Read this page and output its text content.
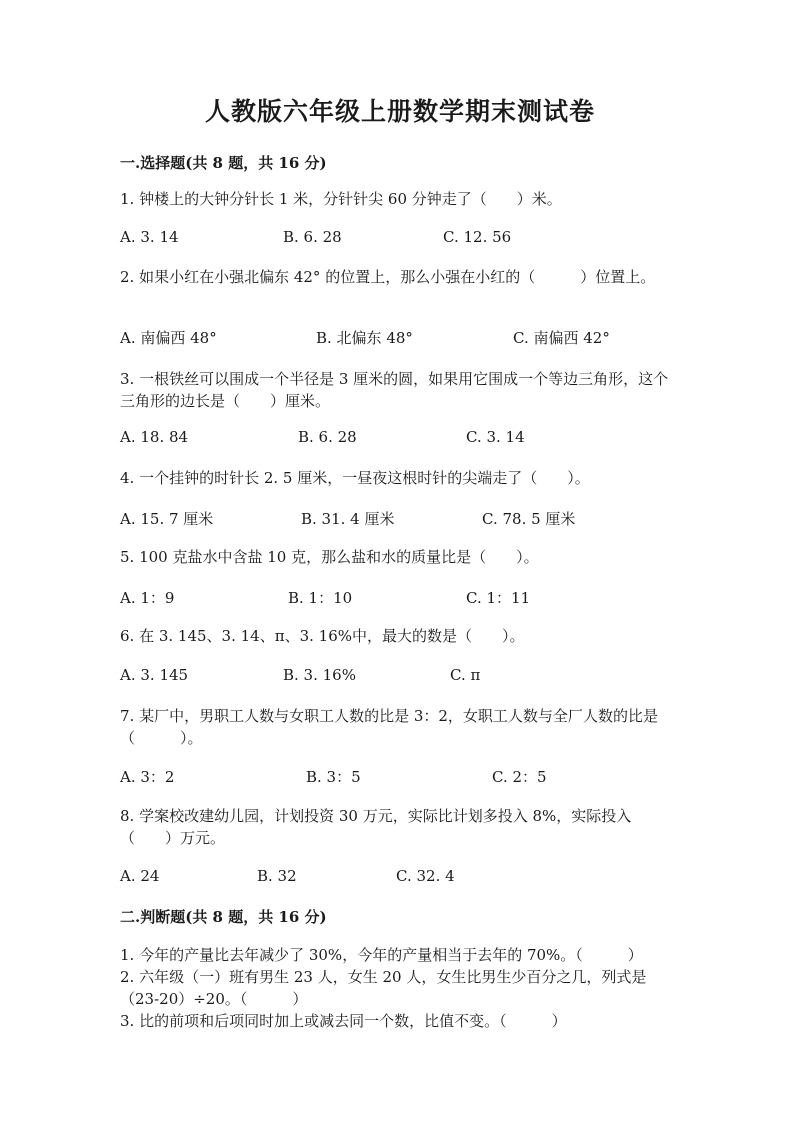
人教版六年级上册数学期末测试卷
一.选择题(共 8 题，共 16 分)
1. 钟楼上的大钟分针长 1 米，分针针尖 60 分钟走了（　　）米。
A. 3. 14	B. 6. 28	C. 12. 56
2. 如果小红在小强北偏东 42° 的位置上，那么小强在小红的（　　　）位置上。
A. 南偏西 48°	B. 北偏东 48°	C. 南偏西 42°
3. 一根铁丝可以围成一个半径是 3 厘米的圆，如果用它围成一个等边三角形，这个三角形的边长是（　　）厘米。
A. 18. 84	B. 6. 28	C. 3. 14
4. 一个挂钟的时针长 2. 5 厘米，一昼夜这根时针的尖端走了（　　）。
A. 15. 7 厘米	B. 31. 4 厘米	C. 78. 5 厘米
5. 100 克盐水中含盐 10 克，那么盐和水的质量比是（　　）。
A. 1：9	B. 1：10	C. 1：11
6. 在 3. 145、3. 14、π、3. 16%中，最大的数是（　　）。
A. 3. 145	B. 3. 16%	C. π
7. 某厂中，男职工人数与女职工人数的比是 3：2，女职工人数与全厂人数的比是（　　　）。
A. 3：2	B. 3：5	C. 2：5
8. 学案校改建幼儿园，计划投资 30 万元，实际比计划多投入 8%，实际投入（　　）万元。
A. 24	B. 32	C. 32. 4
二.判断题(共 8 题，共 16 分)
1. 今年的产量比去年减少了 30%，今年的产量相当于去年的 70%。（　　　）
2. 六年级（一）班有男生 23 人，女生 20 人，女生比男生少百分之几，列式是（23-20）÷20。（　　　）
3. 比的前项和后项同时加上或减去同一个数，比值不变。（　　　）
